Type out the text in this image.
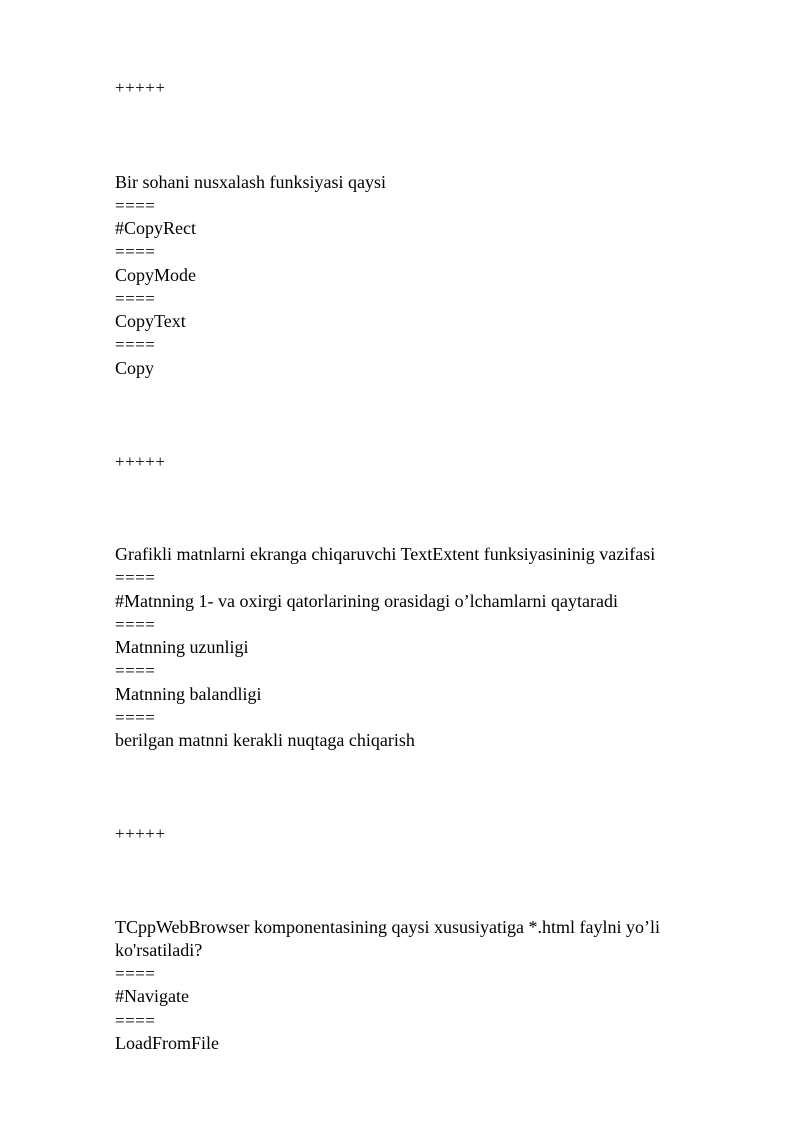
+++++
Bir sohani nusxalash funksiyasi qaysi
====
#CopyRect
====
CopyMode
====
CopyText
====
Copy
+++++
Grafikli matnlarni ekranga chiqaruvchi TextExtent funksiyasininig vazifasi
====
#Matnning 1- va oxirgi qatorlarining orasidagi o’lchamlarni qaytaradi
====
Matnning uzunligi
====
Matnning balandligi
====
berilgan matnni kerakli nuqtaga chiqarish
+++++
TCppWebBrowser komponentasining qaysi xususiyatiga *.html faylni yo’li
ko'rsatiladi?
====
#Navigate
====
LoadFromFile
